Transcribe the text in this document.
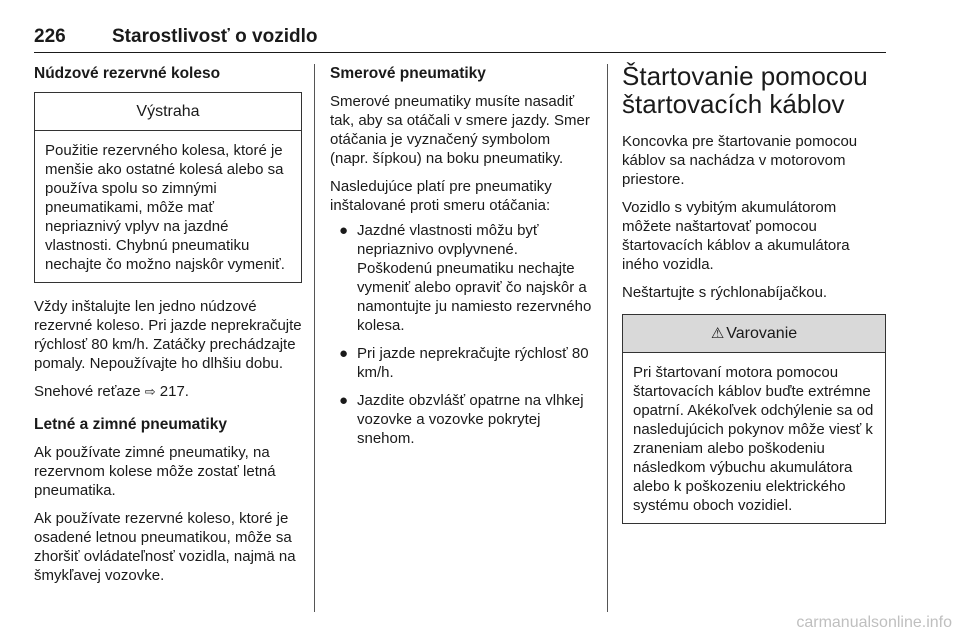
226 Starostlivosť o vozidlo
Núdzové rezervné koleso
Výstraha
Použitie rezervného kolesa, ktoré je menšie ako ostatné kolesá alebo sa používa spolu so zimnými pneumatikami, môže mať nepriaznivý vplyv na jazdné vlastnosti. Chybnú pneumatiku nechajte čo možno najskôr vymeniť.

Vždy inštalujte len jedno núdzové rezervné koleso. Pri jazde neprekračujte rýchlosť 80 km/h. Zatáčky prechádzajte pomaly. Nepoužívajte ho dlhšiu dobu.

Snehové reťaze ⇨ 217.

Letné a zimné pneumatiky

Ak používate zimné pneumatiky, na rezervnom kolese môže zostať letná pneumatika.

Ak používate rezervné koleso, ktoré je osadené letnou pneumatikou, môže sa zhoršiť ovládateľnosť vozidla, najmä na šmykľavej vozovke.

Smerové pneumatiky

Smerové pneumatiky musíte nasadiť tak, aby sa otáčali v smere jazdy. Smer otáčania je vyznačený symbolom (napr. šípkou) na boku pneumatiky.

Nasledujúce platí pre pneumatiky inštalované proti smeru otáčania:

● Jazdné vlastnosti môžu byť nepriaznivo ovplyvnené. Poškodenú pneumatiku nechajte vymeniť alebo opraviť čo najskôr a namontujte ju namiesto rezervného kolesa.
● Pri jazde neprekračujte rýchlosť 80 km/h.
● Jazdite obzvlášť opatrne na vlhkej vozovke a vozovke pokrytej snehom.
Štartovanie pomocou štartovacích káblov

Koncovka pre štartovanie pomocou káblov sa nachádza v motorovom priestore.

Vozidlo s vybitým akumulátorom môžete naštartovať pomocou štartovacích káblov a akumulátora iného vozidla.

Neštartujte s rýchlonabíjačkou.

⚠ Varovanie
Pri štartovaní motora pomocou štartovacích káblov buďte extrémne opatrní. Akékoľvek odchýlenie sa od nasledujúcich pokynov môže viesť k zraneniam alebo poškodeniu následkom výbuchu akumulátora alebo k poškozeniu elektrického systému oboch vozidiel.
carmanualsonline.info
